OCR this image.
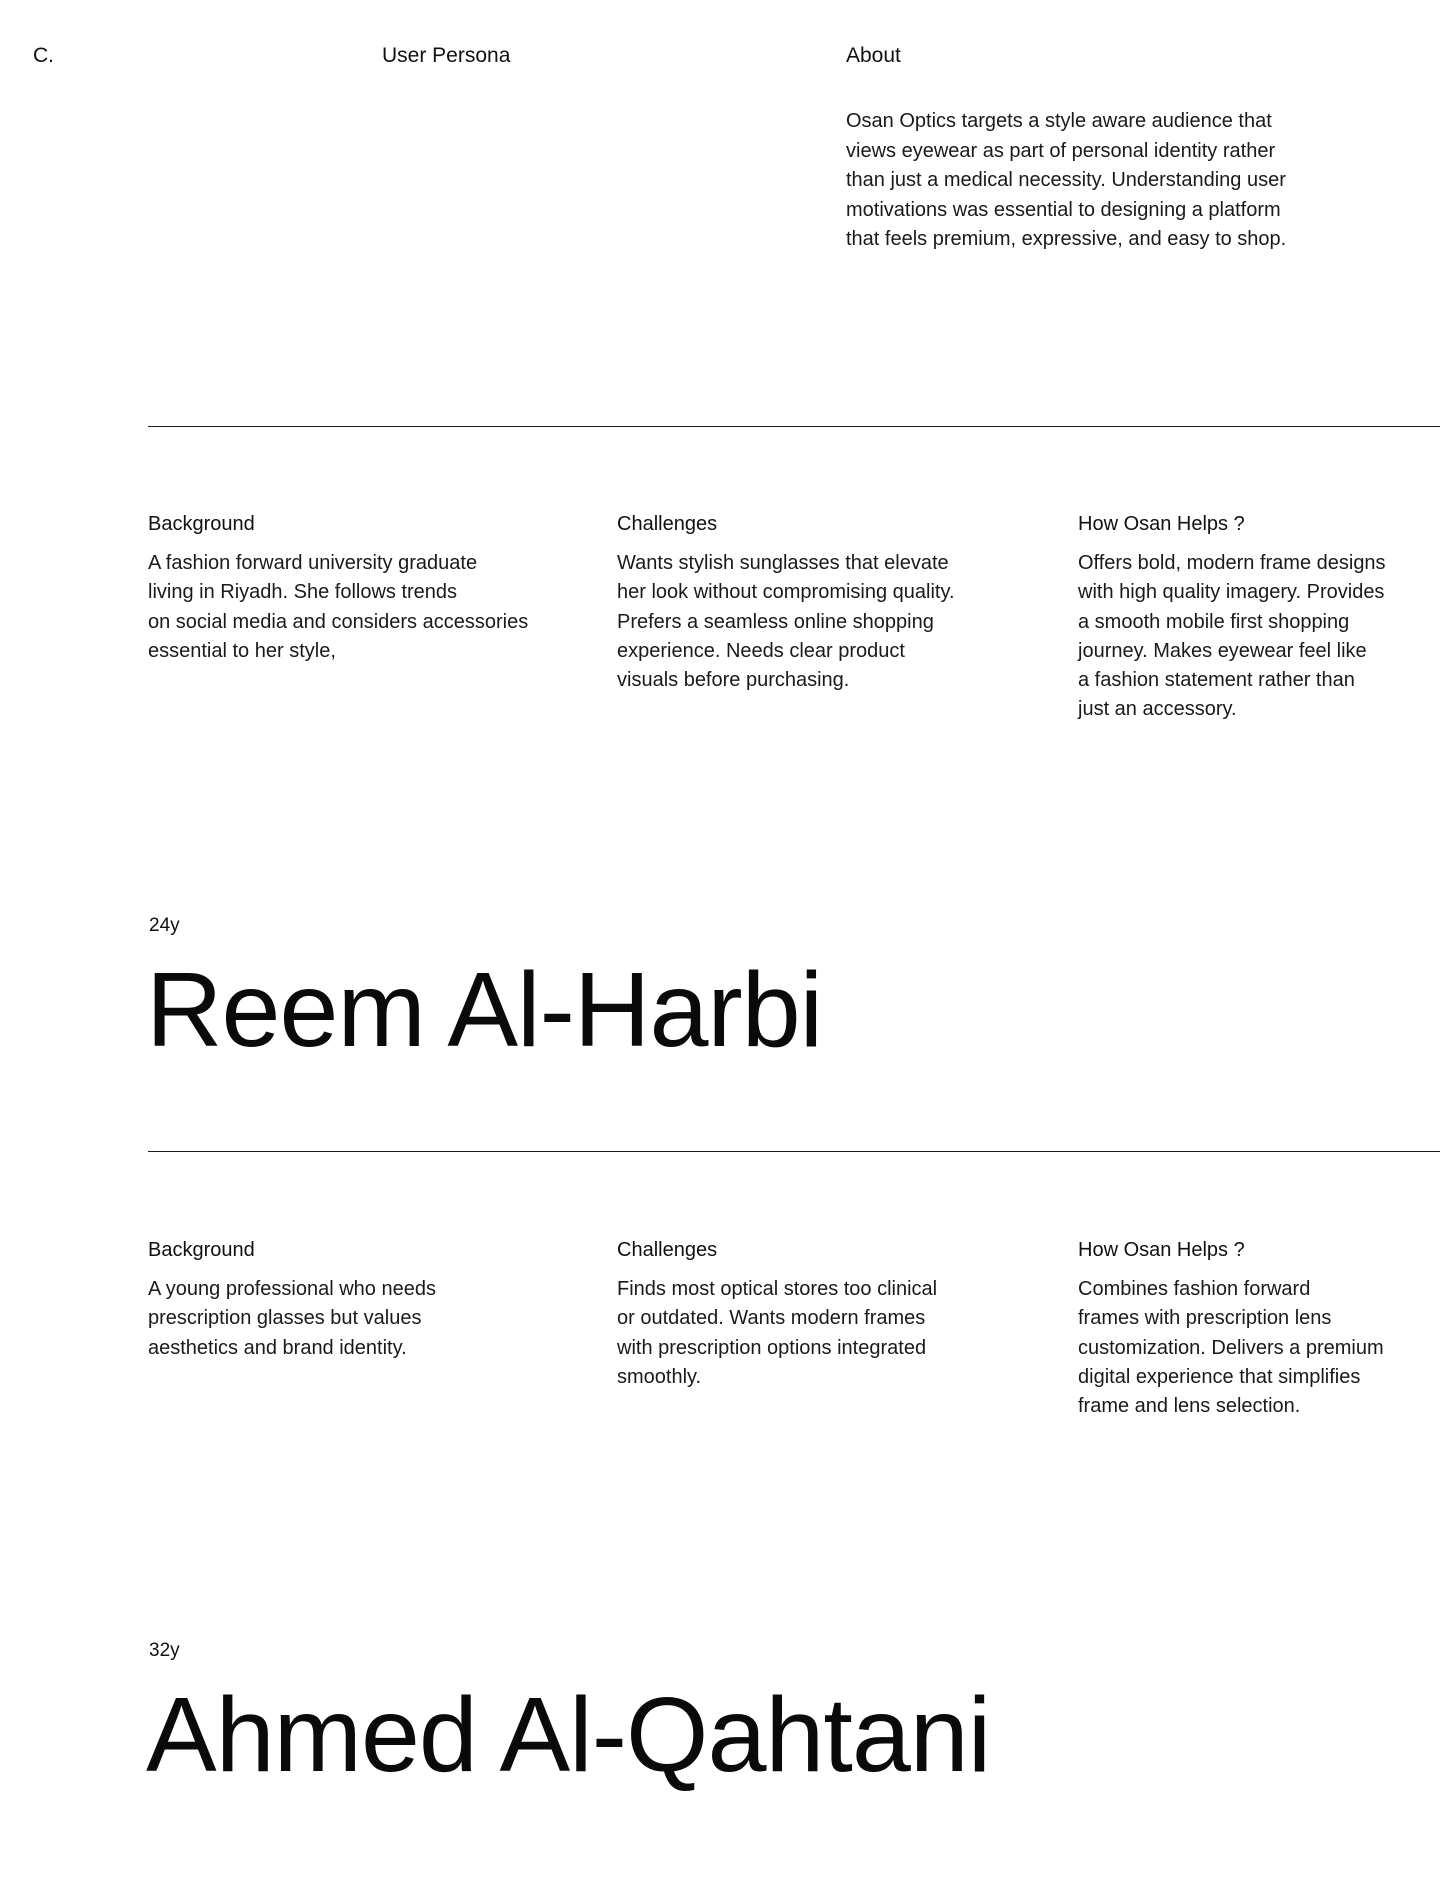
C.	User Persona	About
Osan Optics targets a style aware audience that
views eyewear as part of personal identity rather
than just a medical necessity. Understanding user
motivations was essential to designing a platform
that feels premium, expressive, and easy to shop.
Background
A fashion forward university graduate
living in Riyadh. She follows trends
on social media and considers accessories
essential to her style,
Challenges
Wants stylish sunglasses that elevate
her look without compromising quality.
Prefers a seamless online shopping
experience. Needs clear product
visuals before purchasing.
How Osan Helps ?
Offers bold, modern frame designs
with high quality imagery. Provides
a smooth mobile first shopping
journey. Makes eyewear feel like
a fashion statement rather than
just an accessory.
24y
Reem Al-Harbi
Background
A young professional who needs
prescription glasses but values
aesthetics and brand identity.
Challenges
Finds most optical stores too clinical
or outdated. Wants modern frames
with prescription options integrated
smoothly.
How Osan Helps ?
Combines fashion forward
frames with prescription lens
customization. Delivers a premium
digital experience that simplifies
frame and lens selection.
32y
Ahmed Al-Qahtani
